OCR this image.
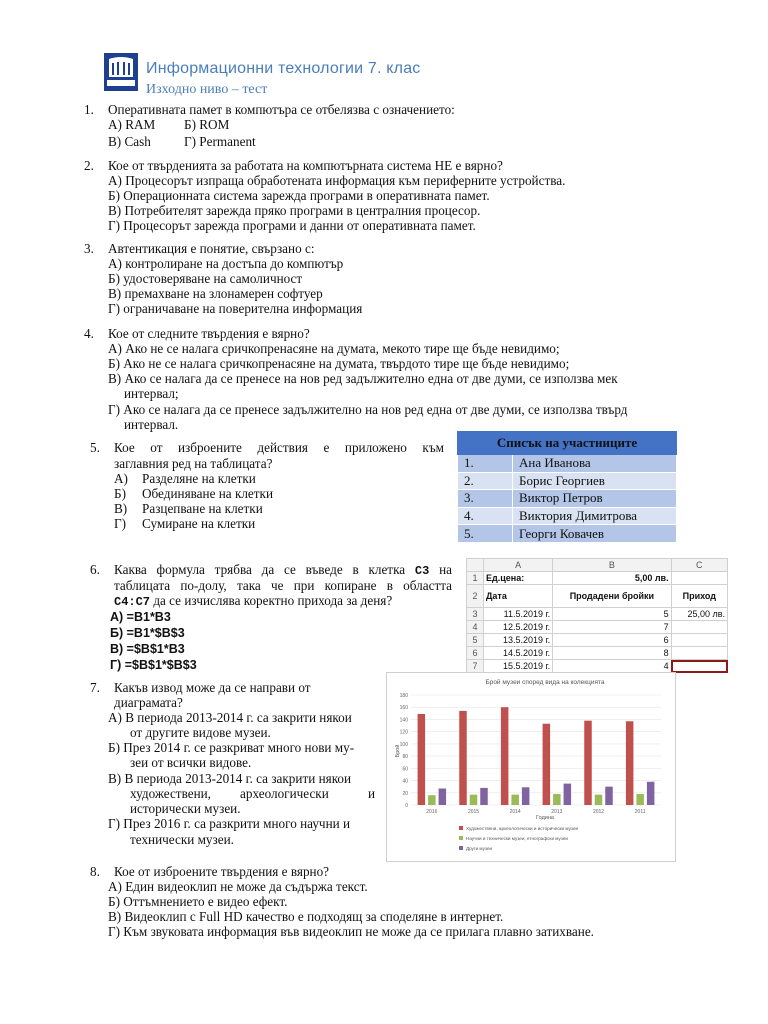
Информационни технологии 7. клас
Изходно ниво – тест
1. Оперативната памет в компютъра се отбелязва с означението:
А) RAM Б) ROM
В) Cash	Г) Permanent
2. Кое от твърденията за работата на компютърната система НЕ е вярно?
А) Процесорът изпраща обработената информация към периферните устройства.
Б) Операционната система зарежда програми в оперативната памет.
В) Потребителят зарежда пряко програми в централния процесор.
Г) Процесорът зарежда програми и данни от оперативната памет.
3. Автентикация е понятие, свързано с:
А) контролиране на достъпа до компютър
Б) удостоверяване на самоличност
В) премахване на злонамерен софтуер
Г) ограничаване на поверителна информация
4. Кое от следните твърдения е вярно?
А) Ако не се налага сричкопренасяне на думата, мекото тире ще бъде невидимо;
Б) Ако не се налага сричкопренасяне на думата, твърдото тире ще бъде невидимо;
В) Ако се налага да се пренесе на нов ред задължително една от две думи, се използва мек
интервал;
Г) Ако се налага да се пренесе задължително на нов ред една от две думи, се използва твърд
интервал.
5. Кое от изброените действия е приложено към
заглавния ред на таблицата?
А) Разделяне на клетки
Б) Обединяване на клетки
В) Разцепване на клетки
Г) Сумиране на клетки
Списък на участниците	
1.	Ана Иванова
2.	Борис Георгиев
3.	Виктор Петров
4.	Виктория Димитрова
5.	Георги Ковачев
6. Каква формула трябва да се въведе в клетка C3 на
таблицата по-долу, така че при копиране в областта
C4:C7 да се изчислява коректно прихода за деня?
А) =B1*B3
Б) =B1*$B$3
В) =$B$1*B3
Г) =$B$1*$B$3
	A	B	C
1	Ед.цена:	5,00 лв.	
2	Дата	Продадени бройки	Приход
3	11.5.2019 г.	5	25,00 лв.
4	12.5.2019 г.	7	
5	13.5.2019 г.	6	
6	14.5.2019 г.	8	
7	15.5.2019 г.	4	
7. Какъв извод може да се направи от
диаграмата?
А) В периода 2013-2014 г. са закрити някои
от другите видове музеи.
Б) През 2014 г. се разкриват много нови му-
зеи от всички видове.
В) В периода 2013-2014 г. са закрити някои
художествени, археологически	и
исторически музеи.
Г) През 2016 г. са разкрити много научни и
технически музеи.
Брой музеи според вида на колекцията
Брой
Година
0
20
40
60
80
100
120
140
160
180
2016	2015	2014	2013	2012	2011
Художествени, археологически и исторически музеи
Научни и технически музеи, етнографски музеи
Други музеи
8. Кое от изброените твърдения е вярно?
А) Един видеоклип не може да съдържа текст.
Б) Оттъмнението е видео ефект.
В) Видеоклип с Full HD качество е подходящ за споделяне в интернет.
Г) Към звуковата информация във видеоклип не може да се прилага плавно затихване.
